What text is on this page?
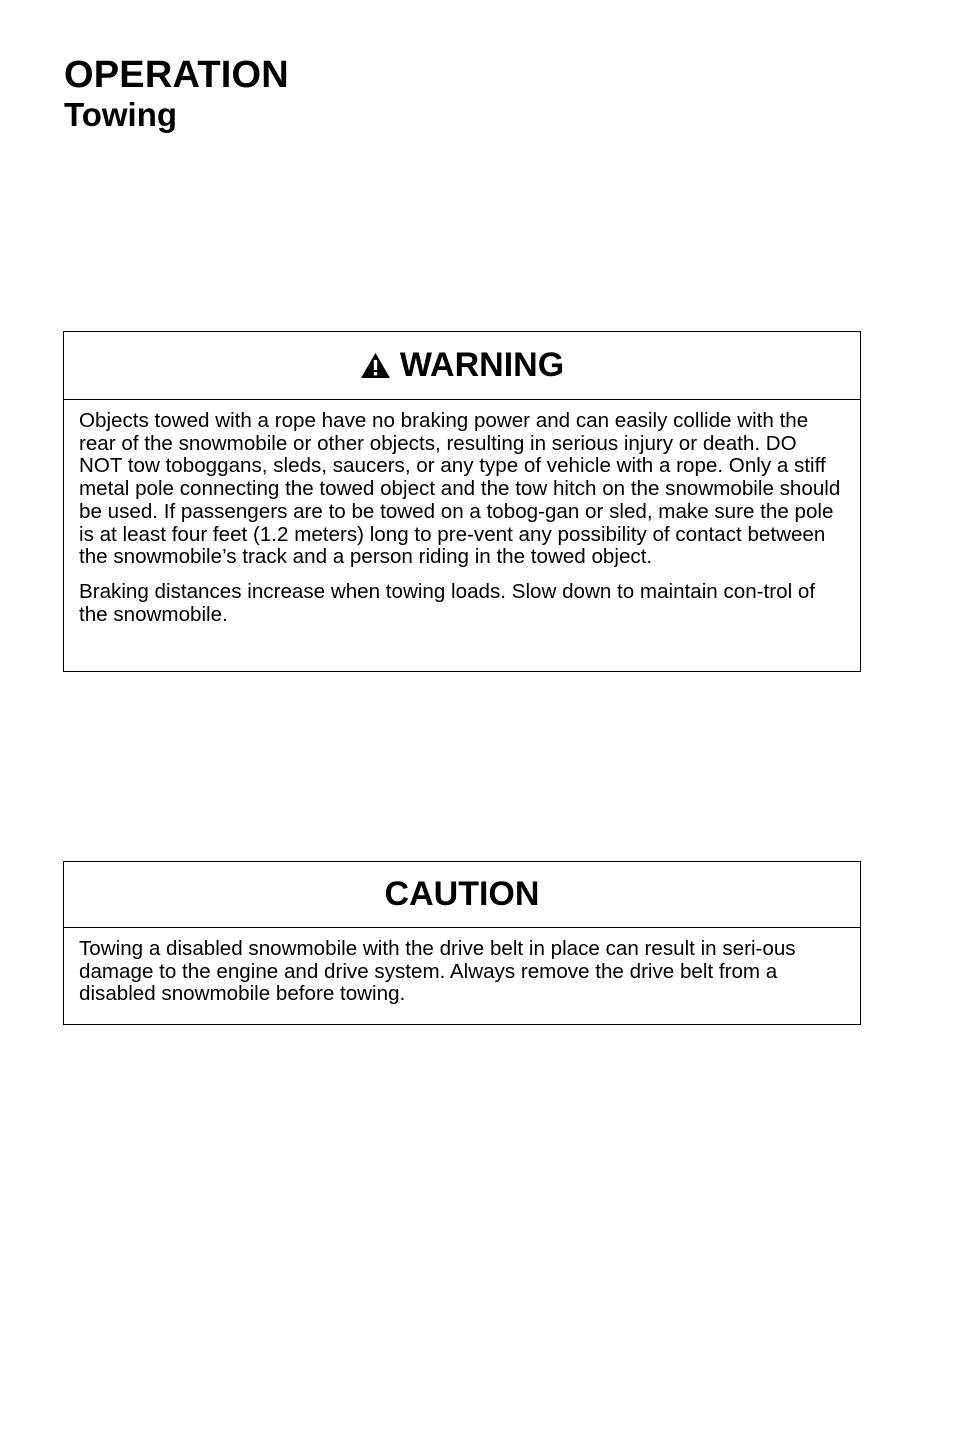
OPERATION
Towing
WARNING

Objects towed with a rope have no braking power and can easily collide with the rear of the snowmobile or other objects, resulting in serious injury or death. DO NOT tow toboggans, sleds, saucers, or any type of vehicle with a rope. Only a stiff metal pole connecting the towed object and the tow hitch on the snowmobile should be used. If passengers are to be towed on a tobog-gan or sled, make sure the pole is at least four feet (1.2 meters) long to pre-vent any possibility of contact between the snowmobile’s track and a person riding in the towed object.

Braking distances increase when towing loads. Slow down to maintain con-trol of the snowmobile.

CAUTION

Towing a disabled snowmobile with the drive belt in place can result in seri-ous damage to the engine and drive system. Always remove the drive belt from a disabled snowmobile before towing.
